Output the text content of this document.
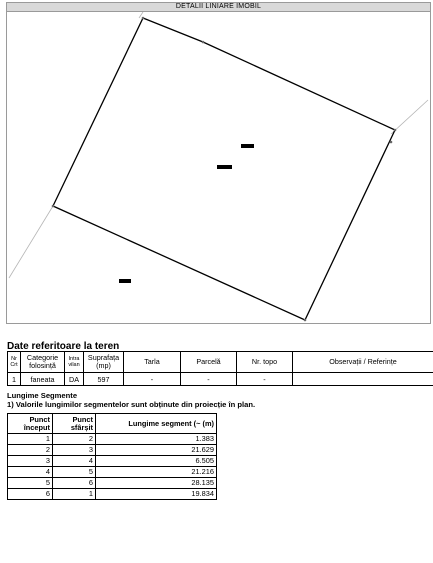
DETALII LINIARE IMOBIL
Date referitoare la teren
Nr Crt	Categorie folosință	Intra vilan	Suprafața (mp)	Tarla	Parcelă	Nr. topo	Observații / Referințe
1	faneata	DA	597	-	-	-	
Lungime Segmente
1) Valorile lungimilor segmentelor sunt obținute din proiecție în plan.
Punct început	Punct sfârșit	Lungime segment (~ (m)
1	2	1.383
2	3	21.629
3	4	6.505
4	5	21.216
5	6	28.135
6	1	19.834
